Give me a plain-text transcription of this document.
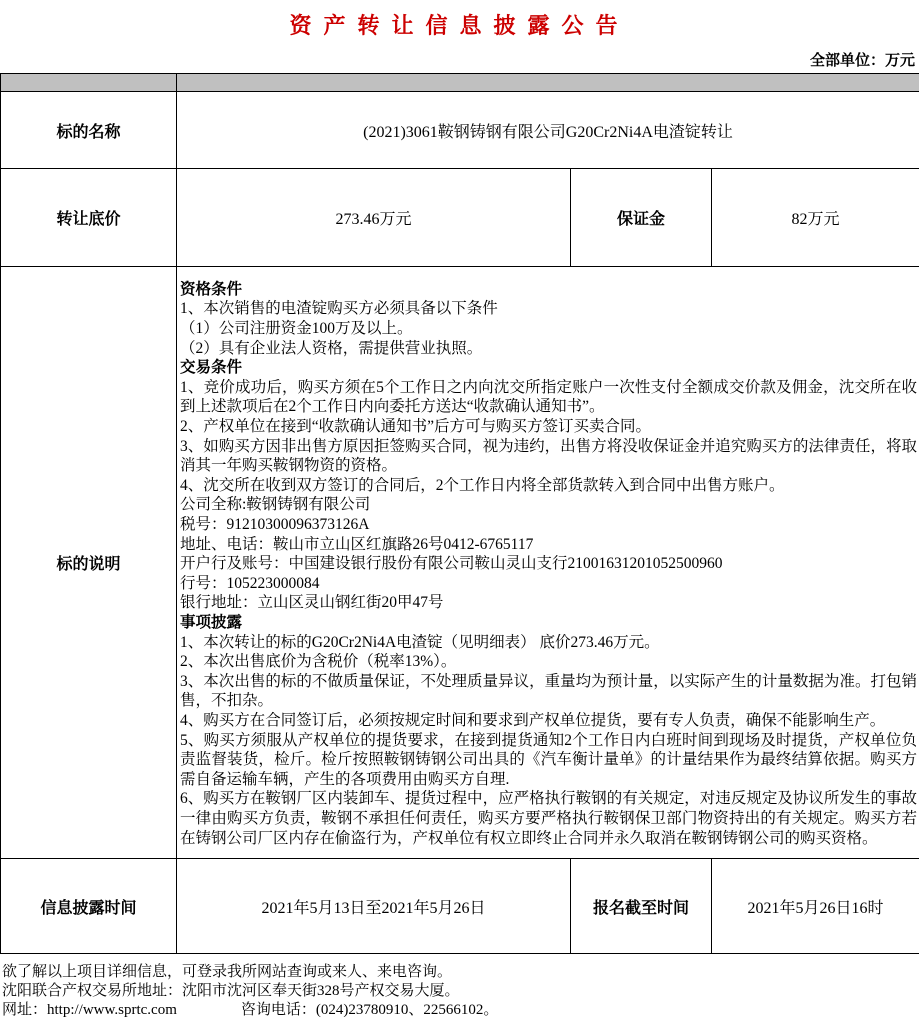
资产转让信息披露公告
全部单位：万元

标的名称	(2021)3061鞍钢铸钢有限公司G20Cr2Ni4A电渣锭转让		
转让底价	273.46万元	保证金	82万元
标的说明	
资格条件
1、本次销售的电渣锭购买方必须具备以下条件
（1）公司注册资金100万及以上。
（2）具有企业法人资格，需提供营业执照。
交易条件
1、竞价成功后，购买方须在5个工作日之内向沈交所指定账户一次性支付全额成交价款及佣金，沈交所在收到上述款项后在2个工作日内向委托方送达“收款确认通知书”。
2、产权单位在接到“收款确认通知书”后方可与购买方签订买卖合同。
3、如购买方因非出售方原因拒签购买合同，视为违约，出售方将没收保证金并追究购买方的法律责任，将取消其一年购买鞍钢物资的资格。
4、沈交所在收到双方签订的合同后，2个工作日内将全部货款转入到合同中出售方账户。
公司全称:鞍钢铸钢有限公司
税号：91210300096373126A
地址、电话：鞍山市立山区红旗路26号0412-6765117
开户行及账号：中国建设银行股份有限公司鞍山灵山支行21001631201052500960
行号：105223000084
银行地址：立山区灵山钢红街20甲47号
事项披露
1、本次转让的标的G20Cr2Ni4A电渣锭（见明细表） 底价273.46万元。
2、本次出售底价为含税价（税率13%）。
3、本次出售的标的不做质量保证，不处理质量异议，重量均为预计量，以实际产生的计量数据为准。打包销售，不扣杂。
4、购买方在合同签订后，必须按规定时间和要求到产权单位提货，要有专人负责，确保不能影响生产。
5、购买方须服从产权单位的提货要求，在接到提货通知2个工作日内白班时间到现场及时提货，产权单位负责监督装货，检斤。检斤按照鞍钢铸钢公司出具的《汽车衡计量单》的计量结果作为最终结算依据。购买方需自备运输车辆，产生的各项费用由购买方自理.
6、购买方在鞍钢厂区内装卸车、提货过程中，应严格执行鞍钢的有关规定，对违反规定及协议所发生的事故一律由购买方负责，鞍钢不承担任何责任，购买方要严格执行鞍钢保卫部门物资持出的有关规定。购买方若在铸钢公司厂区内存在偷盗行为，产权单位有权立即终止合同并永久取消在鞍钢铸钢公司的购买资格。

信息披露时间	2021年5月13日至2021年5月26日	报名截至时间	2021年5月26日16时
欲了解以上项目详细信息，可登录我所网站查询或来人、来电咨询。
沈阳联合产权交易所地址：沈阳市沈河区奉天街328号产权交易大厦。
网址：http://www.sprtc.com	咨询电话：(024)23780910、22566102。
